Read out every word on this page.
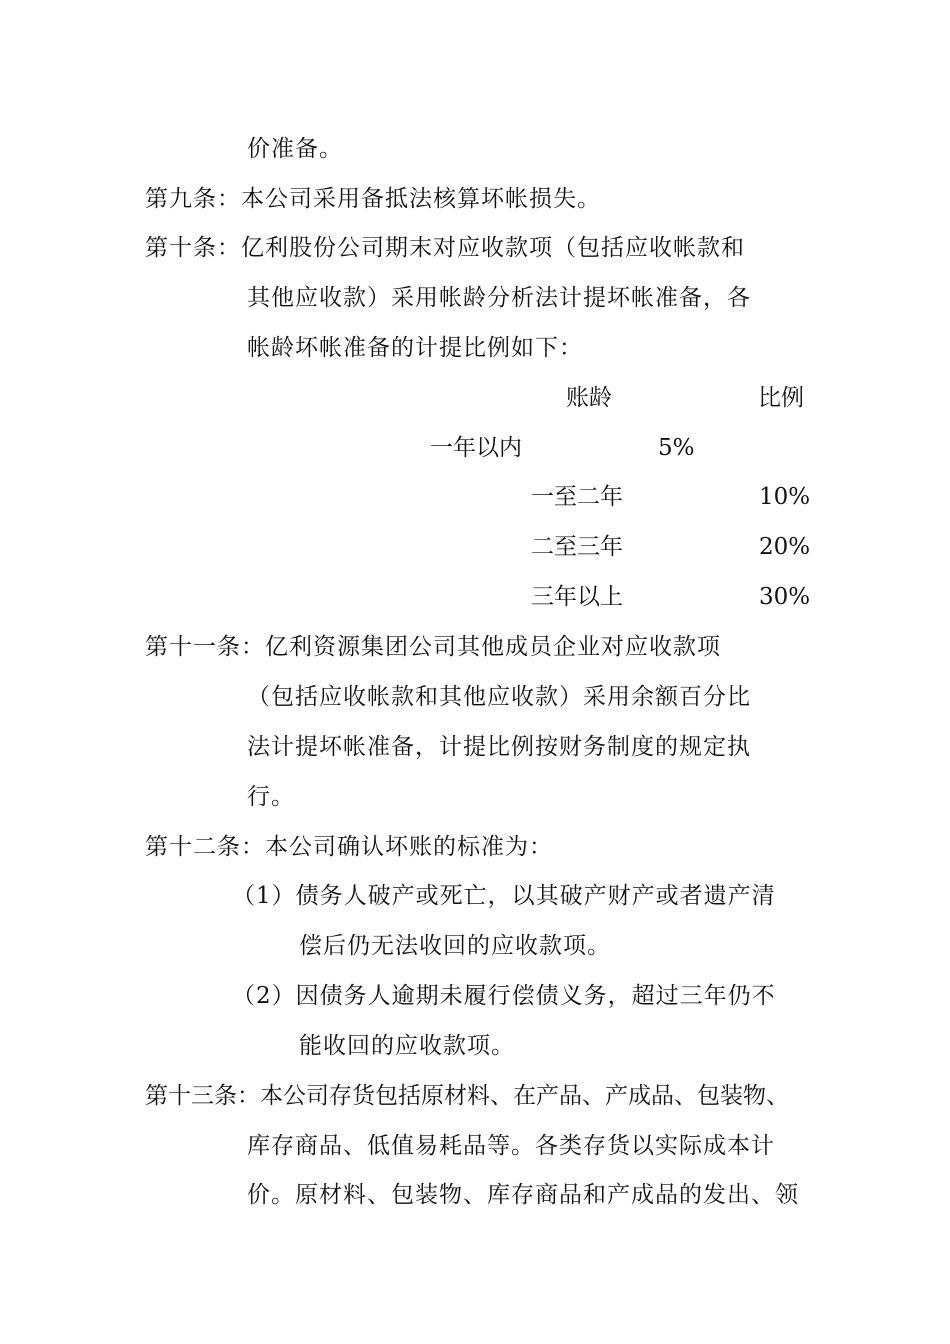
价准备。
第九条：本公司采用备抵法核算坏帐损失。
第十条：亿利股份公司期末对应收款项（包括应收帐款和
其他应收款）采用帐龄分析法计提坏帐准备，各
帐龄坏帐准备的计提比例如下：
账龄	比例
一年以内	5%
一至二年	10%
二至三年	20%
三年以上	30%
第十一条：亿利资源集团公司其他成员企业对应收款项
（包括应收帐款和其他应收款）采用余额百分比
法计提坏帐准备，计提比例按财务制度的规定执
行。
第十二条：本公司确认坏账的标准为：
（1）债务人破产或死亡，以其破产财产或者遗产清
偿后仍无法收回的应收款项。
（2）因债务人逾期未履行偿债义务，超过三年仍不
能收回的应收款项。
第十三条：本公司存货包括原材料、在产品、产成品、包装物、
库存商品、低值易耗品等。各类存货以实际成本计
价。原材料、包装物、库存商品和产成品的发出、领
